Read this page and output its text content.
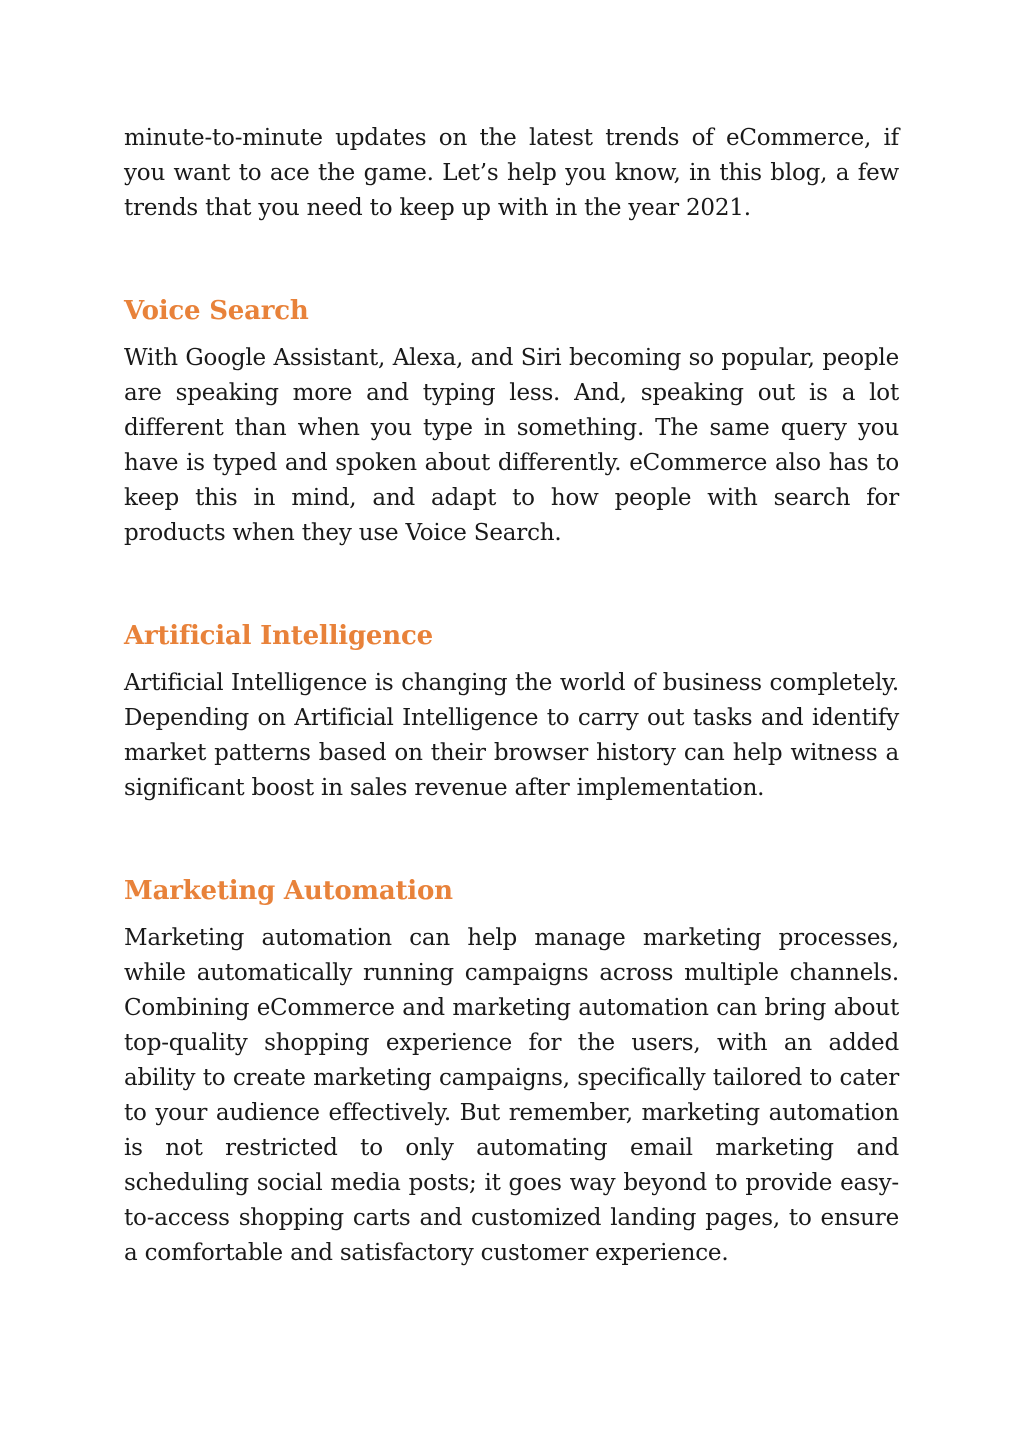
minute-to-minute updates on the latest trends of eCommerce, if you want to ace the game. Let’s help you know, in this blog, a few trends that you need to keep up with in the year 2021.

Voice Search

With Google Assistant, Alexa, and Siri becoming so popular, people are speaking more and typing less. And, speaking out is a lot different than when you type in something. The same query you have is typed and spoken about differently. eCommerce also has to keep this in mind, and adapt to how people with search for products when they use Voice Search.

Artificial Intelligence

Artificial Intelligence is changing the world of business completely. Depending on Artificial Intelligence to carry out tasks and identify market patterns based on their browser history can help witness a significant boost in sales revenue after implementation.

Marketing Automation

Marketing automation can help manage marketing processes, while automatically running campaigns across multiple channels. Combining eCommerce and marketing automation can bring about top-quality shopping experience for the users, with an added ability to create marketing campaigns, specifically tailored to cater to your audience effectively. But remember, marketing automation is not restricted to only automating email marketing and scheduling social media posts; it goes way beyond to provide easy-to-access shopping carts and customized landing pages, to ensure a comfortable and satisfactory customer experience.
